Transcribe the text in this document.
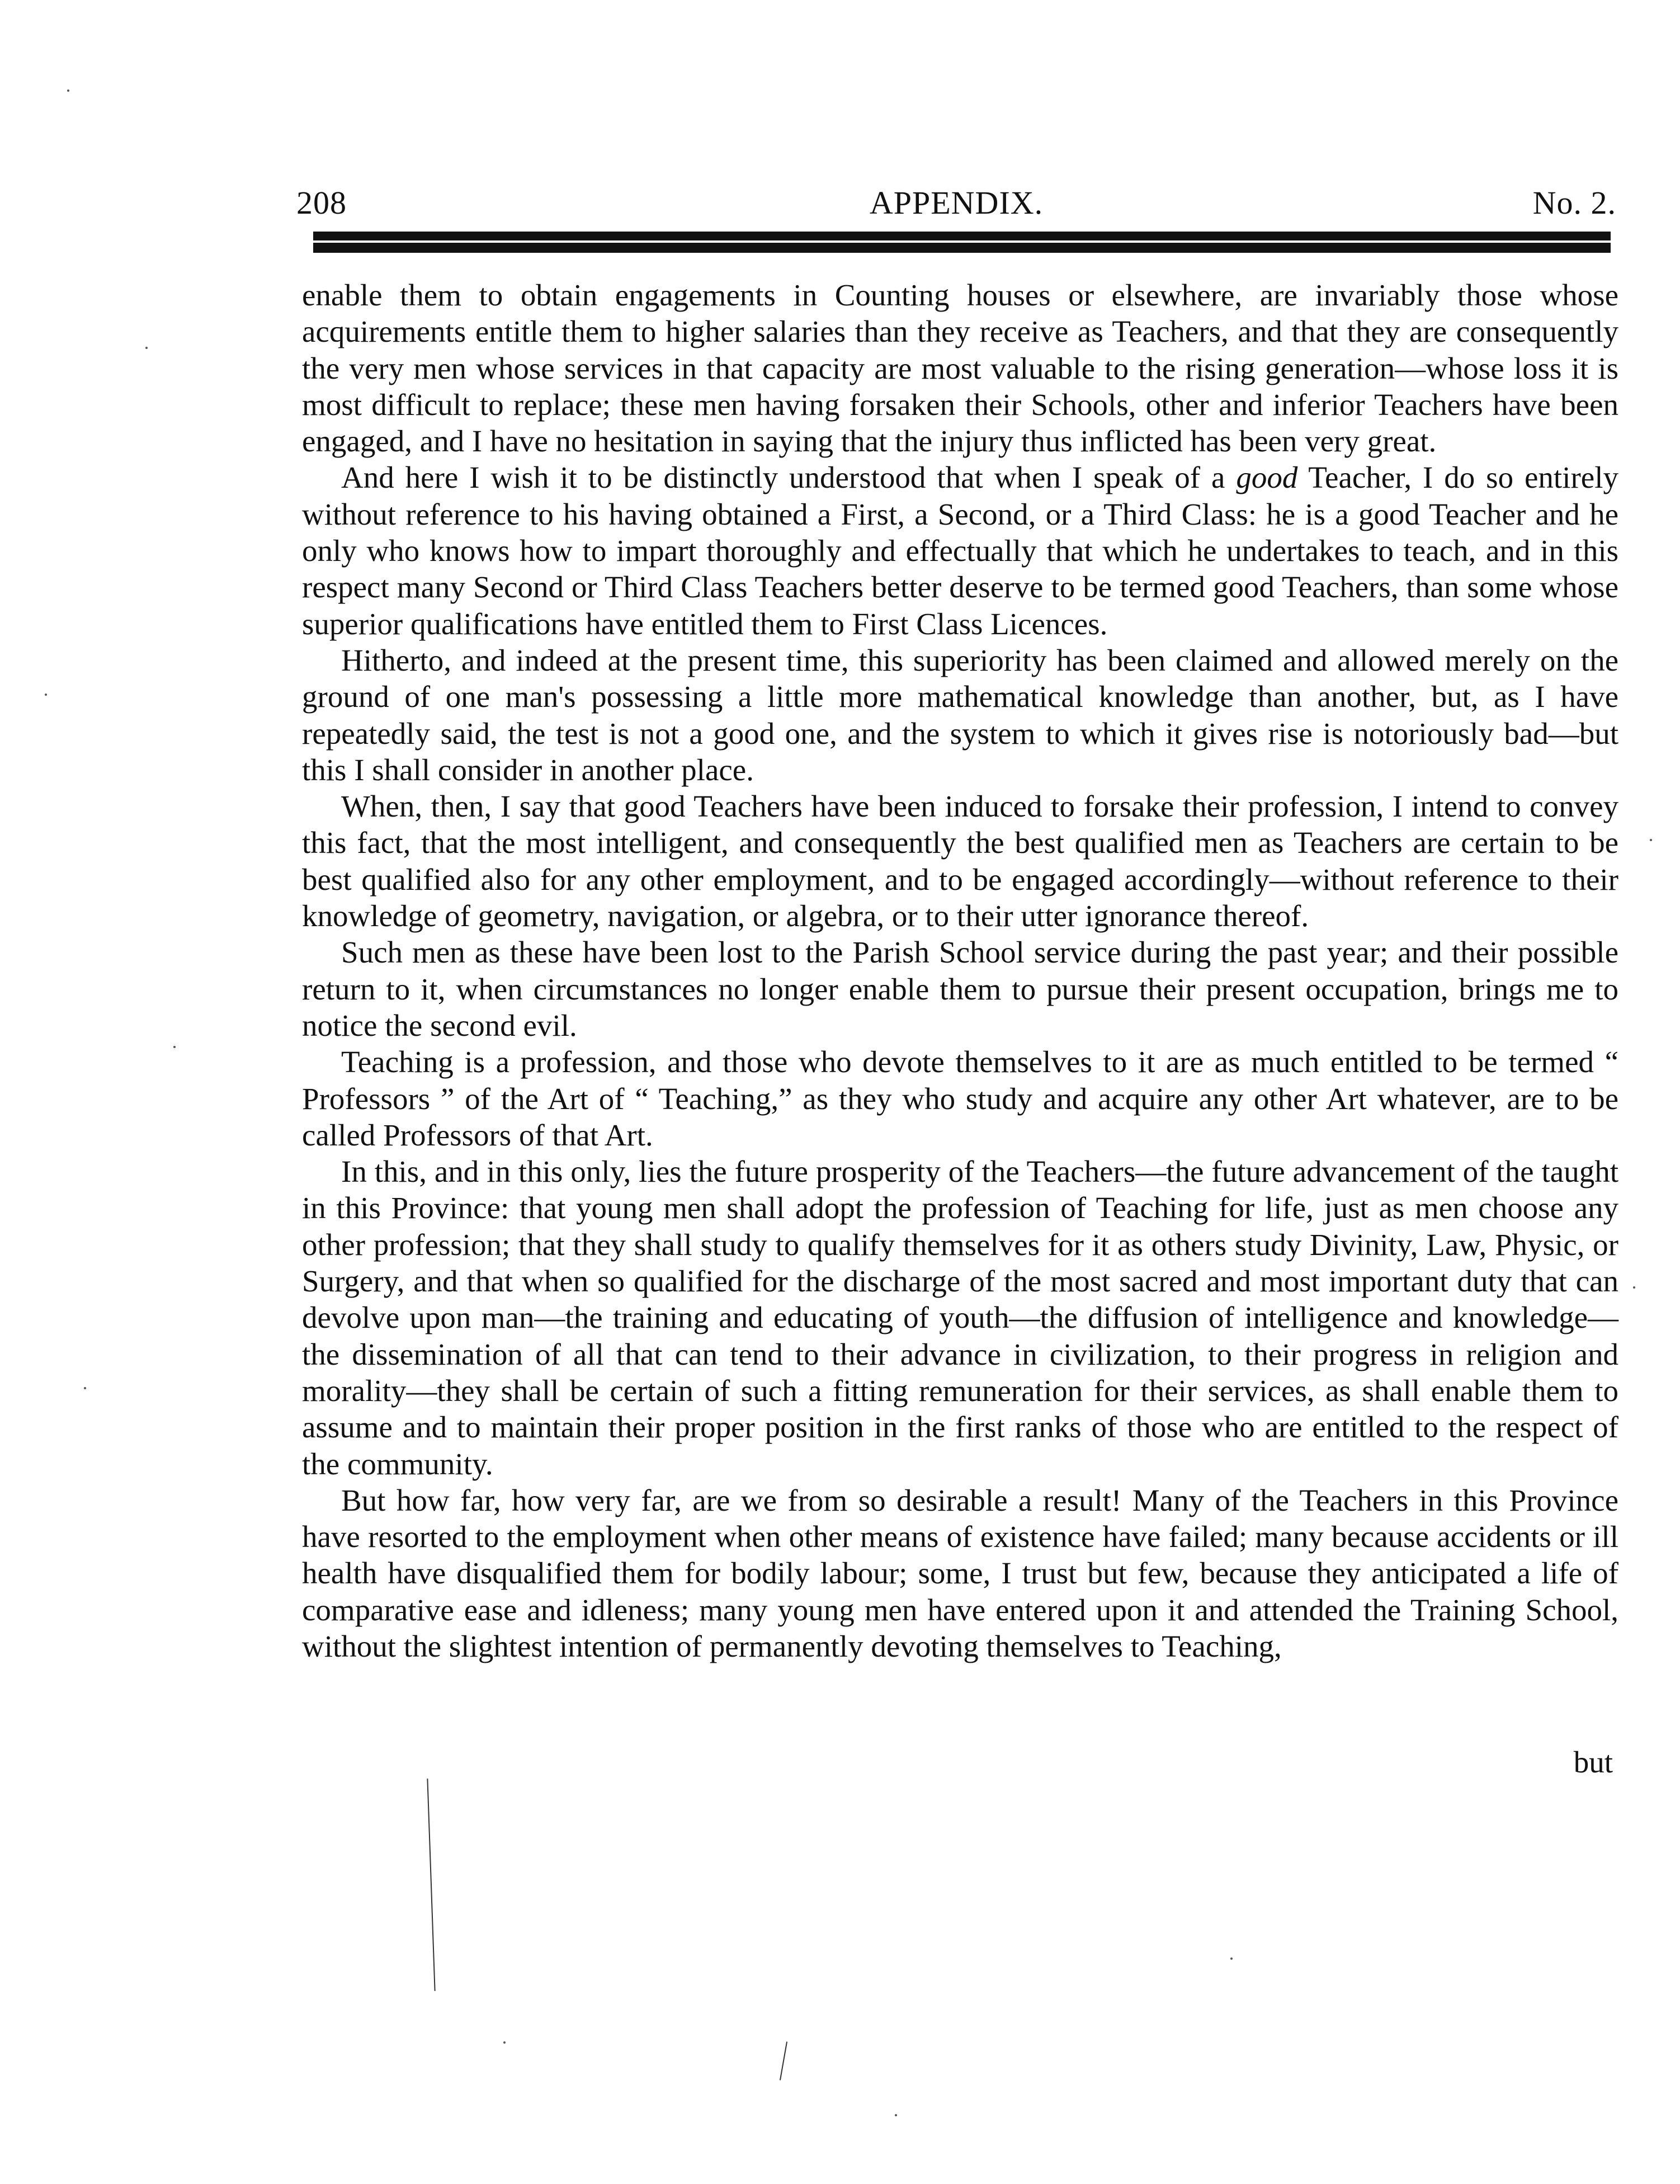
APPENDIX.
208	No. 2.

enable them to obtain engagements in Counting houses or elsewhere, are invariably those whose acquirements entitle them to higher salaries than they receive as Teachers, and that they are consequently the very men whose services in that capacity are most valuable to the rising generation—whose loss it is most difficult to replace; these men having forsaken their Schools, other and inferior Teachers have been engaged, and I have no hesitation in saying that the injury thus inflicted has been very great.

And here I wish it to be distinctly understood that when I speak of a good Teacher, I do so entirely without reference to his having obtained a First, a Second, or a Third Class: he is a good Teacher and he only who knows how to impart thoroughly and effectually that which he undertakes to teach, and in this respect many Second or Third Class Teachers better deserve to be termed good Teachers, than some whose superior qualifications have entitled them to First Class Licences.

Hitherto, and indeed at the present time, this superiority has been claimed and allowed merely on the ground of one man's possessing a little more mathematical knowledge than another, but, as I have repeatedly said, the test is not a good one, and the system to which it gives rise is notoriously bad—but this I shall consider in another place.

When, then, I say that good Teachers have been induced to forsake their profession, I intend to convey this fact, that the most intelligent, and consequently the best qualified men as Teachers are certain to be best qualified also for any other employment, and to be engaged accordingly—without reference to their knowledge of geometry, navigation, or algebra, or to their utter ignorance thereof.

Such men as these have been lost to the Parish School service during the past year; and their possible return to it, when circumstances no longer enable them to pursue their present occupation, brings me to notice the second evil.

Teaching is a profession, and those who devote themselves to it are as much entitled to be termed “ Professors ” of the Art of “ Teaching,” as they who study and acquire any other Art whatever, are to be called Professors of that Art.

In this, and in this only, lies the future prosperity of the Teachers—the future advancement of the taught in this Province: that young men shall adopt the profession of Teaching for life, just as men choose any other profession; that they shall study to qualify themselves for it as others study Divinity, Law, Physic, or Surgery, and that when so qualified for the discharge of the most sacred and most important duty that can devolve upon man—the training and educating of youth—the diffusion of intelligence and knowledge—the dissemination of all that can tend to their advance in civilization, to their progress in religion and morality—they shall be certain of such a fitting remuneration for their services, as shall enable them to assume and to maintain their proper position in the first ranks of those who are entitled to the respect of the community.

But how far, how very far, are we from so desirable a result! Many of the Teachers in this Province have resorted to the employment when other means of existence have failed; many because accidents or ill health have disqualified them for bodily labour; some, I trust but few, because they anticipated a life of comparative ease and idleness; many young men have entered upon it and attended the Training School, without the slightest intention of permanently devoting themselves to Teaching,

but
